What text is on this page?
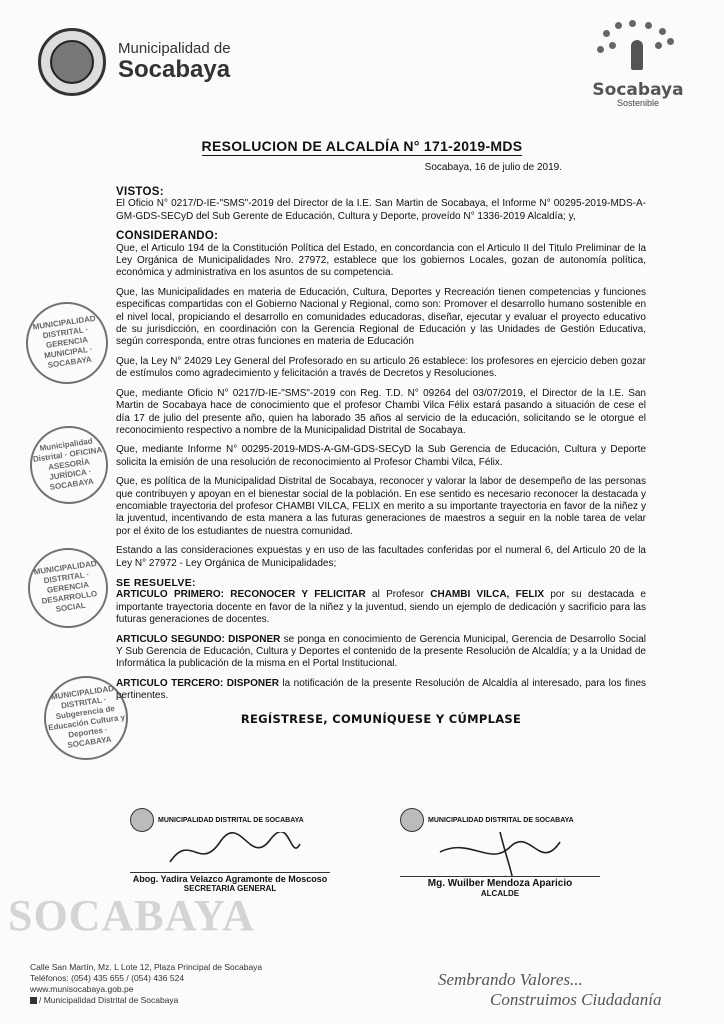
SOCABAYA
Municipalidad de
Socabaya
Socabaya
Sostenible
RESOLUCION DE ALCALDÍA N° 171-2019-MDS
Socabaya, 16 de julio de 2019.
VISTOS:

El Oficio N° 0217/D-IE-"SMS"-2019 del Director de la I.E. San Martin de Socabaya, el Informe N° 00295-2019-MDS-A-GM-GDS-SECyD del Sub Gerente de Educación, Cultura y Deporte, proveído N° 1336-2019 Alcaldía; y,

CONSIDERANDO:

Que, el Articulo 194 de la Constitución Política del Estado, en concordancia con el Articulo II del Titulo Preliminar de la Ley Orgánica de Municipalidades Nro. 27972, establece que los gobiernos Locales, gozan de autonomía política, económica y administrativa en los asuntos de su competencia.

Que, las Municipalidades en materia de Educación, Cultura, Deportes y Recreación tienen competencias y funciones especificas compartidas con el Gobierno Nacional y Regional, como son: Promover el desarrollo humano sostenible en el nivel local, propiciando el desarrollo en comunidades educadoras, diseñar, ejecutar y evaluar el proyecto educativo de su jurisdicción, en coordinación con la Gerencia Regional de Educación y las Unidades de Gestión Educativa, según corresponda, entre otras funciones en materia de Educación

Que, la Ley N° 24029 Ley General del Profesorado en su articulo 26 establece: los profesores en ejercicio deben gozar de estímulos como agradecimiento y felicitación a través de Decretos y Resoluciones.

Que, mediante Oficio N° 0217/D-IE-"SMS"-2019 con Reg. T.D. N° 09264 del 03/07/2019, el Director de la I.E. San Martin de Socabaya hace de conocimiento que el profesor Chambi Vilca Félix estará pasando a situación de cese el día 17 de julio del presente año, quien ha laborado 35 años al servicio de la educación, solicitando se le otorgue el reconocimiento respectivo a nombre de la Municipalidad Distrital de Socabaya.

Que, mediante Informe N° 00295-2019-MDS-A-GM-GDS-SECyD la Sub Gerencia de Educación, Cultura y Deporte solicita la emisión de una resolución de reconocimiento al Profesor Chambi Vilca, Félix.

Que, es política de la Municipalidad Distrital de Socabaya, reconocer y valorar la labor de desempeño de las personas que contribuyen y apoyan en el bienestar social de la población. En ese sentido es necesario reconocer la destacada y encomiable trayectoria del profesor CHAMBI VILCA, FELIX en merito a su importante trayectoria en favor de la niñez y la juventud, incentivando de esta manera a las futuras generaciones de maestros a seguir en la noble tarea de velar por el éxito de los estudiantes de nuestra comunidad.

Estando a las consideraciones expuestas y en uso de las facultades conferidas por el numeral 6, del Articulo 20 de la Ley N° 27972 - Ley Orgánica de Municipalidades;

SE RESUELVE:

ARTICULO PRIMERO: RECONOCER Y FELICITAR al Profesor CHAMBI VILCA, FELIX por su destacada e importante trayectoria docente en favor de la niñez y la juventud, siendo un ejemplo de dedicación y sacrificio para las futuras generaciones de docentes.

ARTICULO SEGUNDO: DISPONER se ponga en conocimiento de Gerencia Municipal, Gerencia de Desarrollo Social Y Sub Gerencia de Educación, Cultura y Deportes el contenido de la presente Resolución de Alcaldía; y a la Unidad de Informática la publicación de la misma en el Portal Institucional.

ARTICULO TERCERO: DISPONER la notificación de la presente Resolución de Alcaldía al interesado, para los fines pertinentes.

REGÍSTRESE, COMUNÍQUESE Y CÚMPLASE
MUNICIPALIDAD DISTRITAL · GERENCIA MUNICIPAL · SOCABAYA
Municipalidad Distrital · OFICINA ASESORÍA JURÍDICA · SOCABAYA
MUNICIPALIDAD DISTRITAL · GERENCIA DESARROLLO SOCIAL
MUNICIPALIDAD DISTRITAL · Subgerencia de Educación Cultura y Deportes · SOCABAYA
MUNICIPALIDAD DISTRITAL DE SOCABAYA
Abog. Yadira Velazco Agramonte de Moscoso
SECRETARIA GENERAL
MUNICIPALIDAD DISTRITAL DE SOCABAYA
Mg. Wuilber Mendoza Aparicio
ALCALDE
Calle San Martín, Mz. L Lote 12, Plaza Principal de Socabaya
Teléfonos: (054) 435 655 / (054) 436 524
www.munisocabaya.gob.pe
/ Municipalidad Distrital de Socabaya
Sembrando Valores...
Construimos Ciudadanía
